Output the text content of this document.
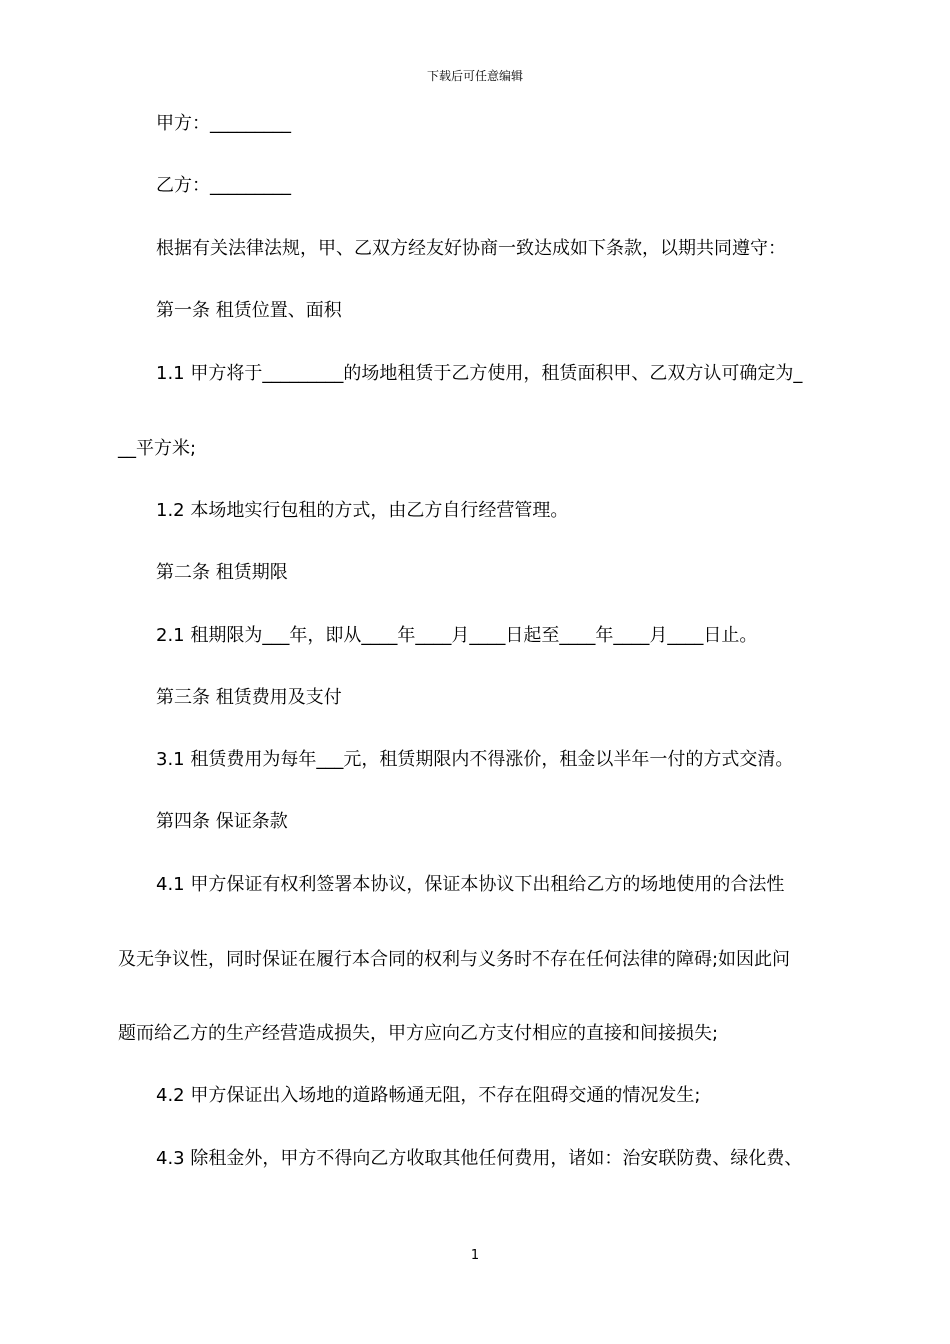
下载后可任意编辑
甲方：_________
乙方：_________
根据有关法律法规，甲、乙双方经友好协商一致达成如下条款，以期共同遵守：
第一条 租赁位置、面积
1.1 甲方将于_________的场地租赁于乙方使用，租赁面积甲、乙双方认可确定为_
__平方米;
1.2 本场地实行包租的方式，由乙方自行经营管理。
第二条 租赁期限
2.1 租期限为___年，即从____年____月____日起至____年____月____日止。
第三条 租赁费用及支付
3.1 租赁费用为每年___元，租赁期限内不得涨价，租金以半年一付的方式交清。
第四条 保证条款
4.1 甲方保证有权利签署本协议，保证本协议下出租给乙方的场地使用的合法性
及无争议性，同时保证在履行本合同的权利与义务时不存在任何法律的障碍;如因此问
题而给乙方的生产经营造成损失，甲方应向乙方支付相应的直接和间接损失;
4.2 甲方保证出入场地的道路畅通无阻，不存在阻碍交通的情况发生;
4.3 除租金外，甲方不得向乙方收取其他任何费用，诸如：治安联防费、绿化费、
1
